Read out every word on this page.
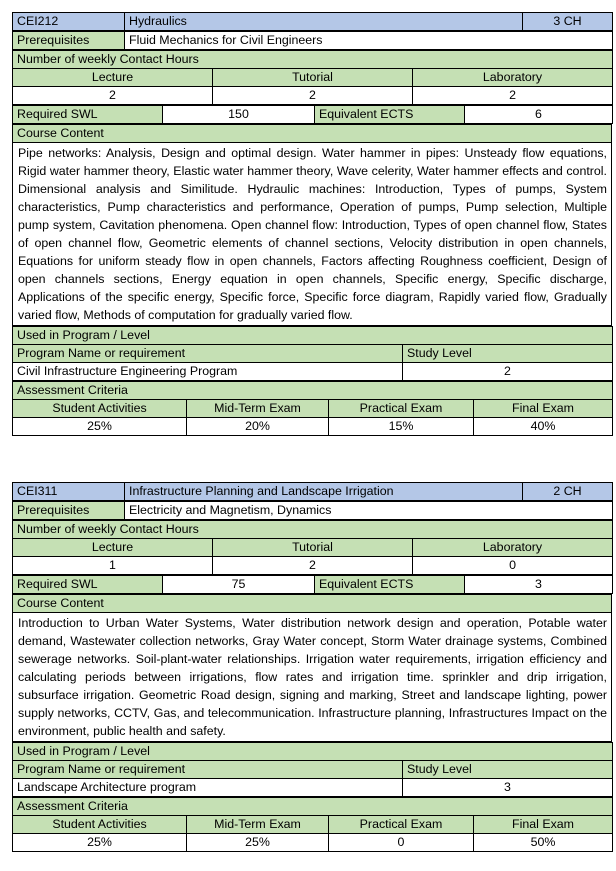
CEI212	Hydraulics	3 CH
Prerequisites	Fluid Mechanics for Civil Engineers
Number of weekly Contact Hours		
Lecture	Tutorial	Laboratory
2	2	2
Required SWL	150	Equivalent ECTS	6
Course Content
Pipe networks: Analysis, Design and optimal design. Water hammer in pipes: Unsteady flow equations, Rigid water hammer theory, Elastic water hammer theory, Wave celerity, Water hammer effects and control. Dimensional analysis and Similitude. Hydraulic machines: Introduction, Types of pumps, System characteristics, Pump characteristics and performance, Operation of pumps, Pump selection, Multiple pump system, Cavitation phenomena. Open channel flow: Introduction, Types of open channel flow, States of open channel flow, Geometric elements of channel sections, Velocity distribution in open channels, Equations for uniform steady flow in open channels, Factors affecting Roughness coefficient, Design of open channels sections, Energy equation in open channels, Specific energy, Specific discharge, Applications of the specific energy, Specific force, Specific force diagram, Rapidly varied flow, Gradually varied flow, Methods of computation for gradually varied flow.
Used in Program / Level	
Program Name or requirement	Study Level
Civil Infrastructure Engineering Program	2
Assessment Criteria			
Student Activities	Mid-Term Exam	Practical Exam	Final Exam
25%	20%	15%	40%
CEI311	Infrastructure Planning and Landscape Irrigation	2 CH
Prerequisites	Electricity and Magnetism, Dynamics
Number of weekly Contact Hours		
Lecture	Tutorial	Laboratory
1	2	0
Required SWL	75	Equivalent ECTS	3
Course Content
Introduction to Urban Water Systems, Water distribution network design and operation, Potable water demand, Wastewater collection networks, Gray Water concept, Storm Water drainage systems, Combined sewerage networks. Soil-plant-water relationships. Irrigation water requirements, irrigation efficiency and calculating periods between irrigations, flow rates and irrigation time. sprinkler and drip irrigation, subsurface irrigation. Geometric Road design, signing and marking, Street and landscape lighting, power supply networks, CCTV, Gas, and telecommunication. Infrastructure planning, Infrastructures Impact on the environment, public health and safety.
Used in Program / Level	
Program Name or requirement	Study Level
Landscape Architecture program	3
Assessment Criteria			
Student Activities	Mid-Term Exam	Practical Exam	Final Exam
25%	25%	0	50%
